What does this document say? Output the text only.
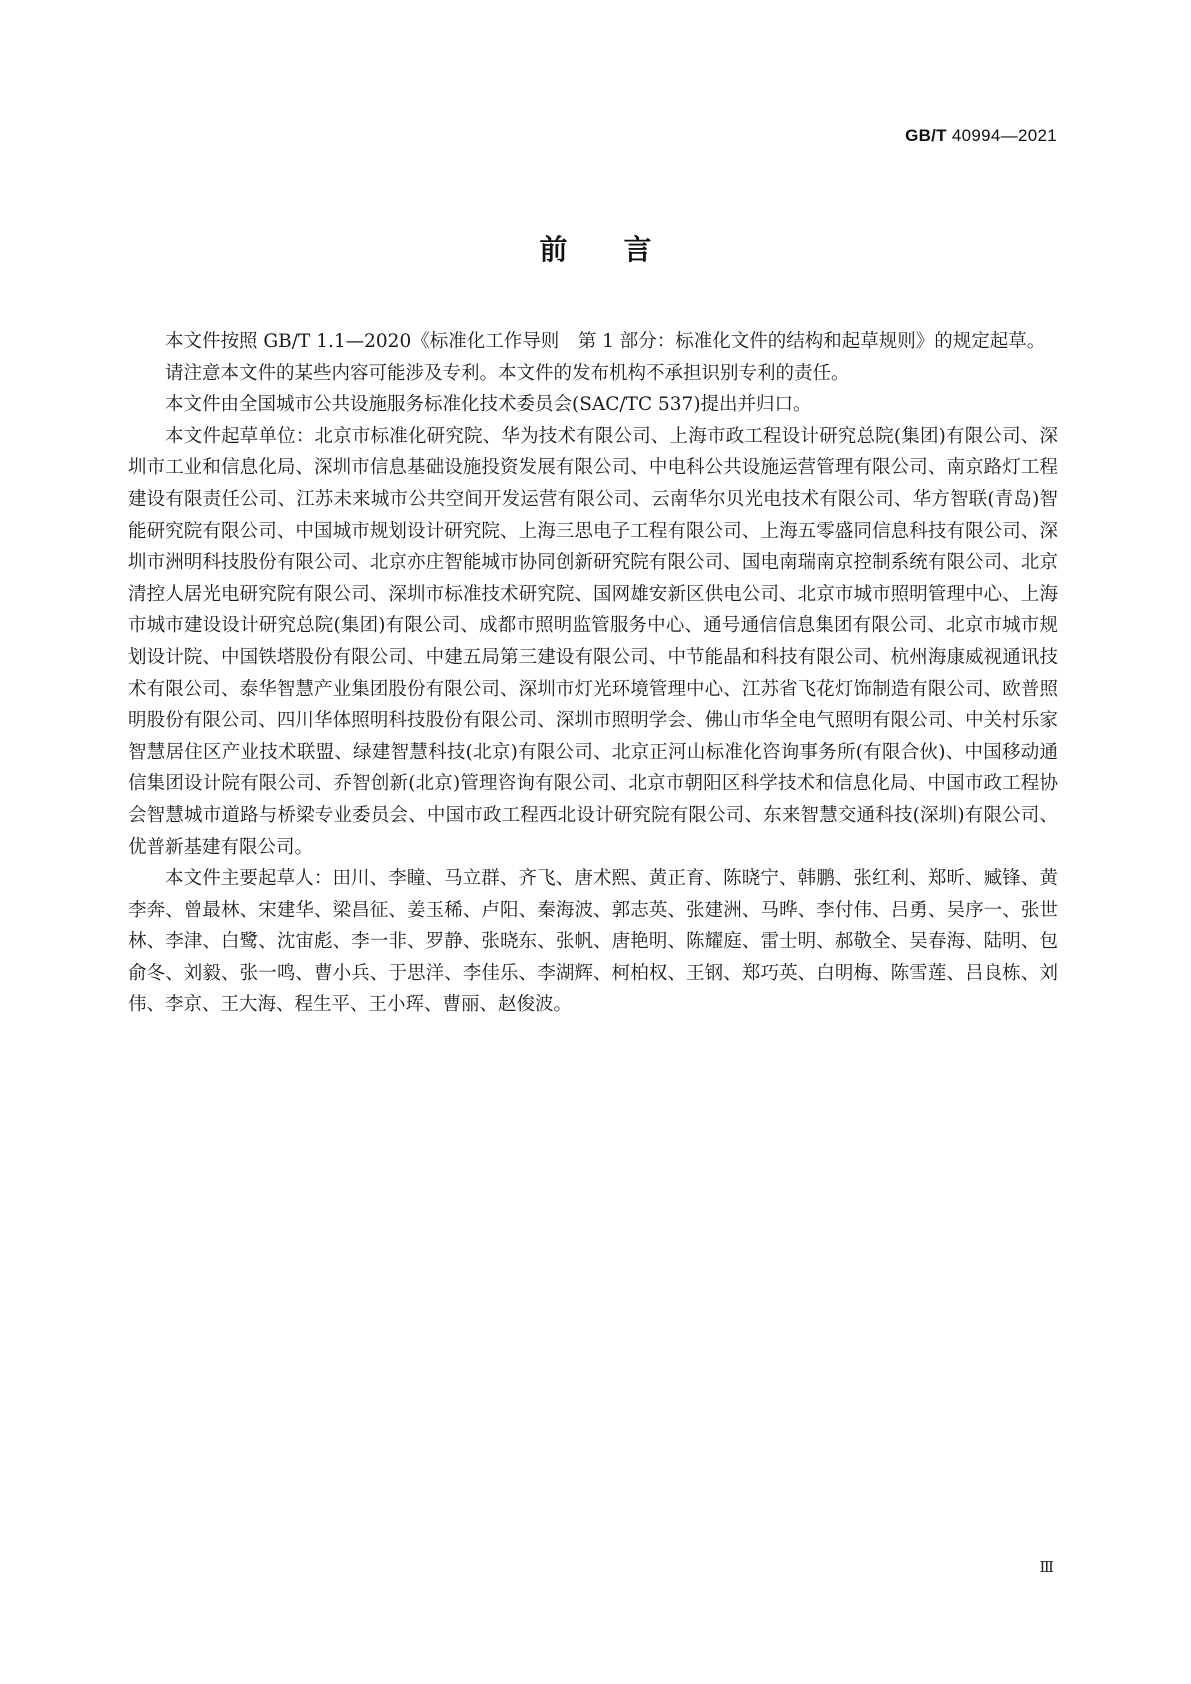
GB/T 40994—2021
前言

本文件按照 GB/T 1.1—2020《标准化工作导则　第 1 部分：标准化文件的结构和起草规则》的规定起草。

请注意本文件的某些内容可能涉及专利。本文件的发布机构不承担识别专利的责任。

本文件由全国城市公共设施服务标准化技术委员会(SAC/TC 537)提出并归口。

本文件起草单位：北京市标准化研究院、华为技术有限公司、上海市政工程设计研究总院(集团)有限公司、深圳市工业和信息化局、深圳市信息基础设施投资发展有限公司、中电科公共设施运营管理有限公司、南京路灯工程建设有限责任公司、江苏未来城市公共空间开发运营有限公司、云南华尔贝光电技术有限公司、华方智联(青岛)智能研究院有限公司、中国城市规划设计研究院、上海三思电子工程有限公司、上海五零盛同信息科技有限公司、深圳市洲明科技股份有限公司、北京亦庄智能城市协同创新研究院有限公司、国电南瑞南京控制系统有限公司、北京清控人居光电研究院有限公司、深圳市标准技术研究院、国网雄安新区供电公司、北京市城市照明管理中心、上海市城市建设设计研究总院(集团)有限公司、成都市照明监管服务中心、通号通信信息集团有限公司、北京市城市规划设计院、中国铁塔股份有限公司、中建五局第三建设有限公司、中节能晶和科技有限公司、杭州海康威视通讯技术有限公司、泰华智慧产业集团股份有限公司、深圳市灯光环境管理中心、江苏省飞花灯饰制造有限公司、欧普照明股份有限公司、四川华体照明科技股份有限公司、深圳市照明学会、佛山市华全电气照明有限公司、中关村乐家智慧居住区产业技术联盟、绿建智慧科技(北京)有限公司、北京正河山标准化咨询事务所(有限合伙)、中国移动通信集团设计院有限公司、乔智创新(北京)管理咨询有限公司、北京市朝阳区科学技术和信息化局、中国市政工程协会智慧城市道路与桥梁专业委员会、中国市政工程西北设计研究院有限公司、东来智慧交通科技(深圳)有限公司、优普新基建有限公司。

本文件主要起草人：田川、李瞳、马立群、齐飞、唐术熙、黄正育、陈晓宁、韩鹏、张红利、郑昕、臧锋、黄李奔、曾最林、宋建华、梁昌征、姜玉稀、卢阳、秦海波、郭志英、张建洲、马晔、李付伟、吕勇、吴序一、张世林、李津、白鹭、沈宙彪、李一非、罗静、张晓东、张帆、唐艳明、陈耀庭、雷士明、郝敬全、吴春海、陆明、包俞冬、刘毅、张一鸣、曹小兵、于思洋、李佳乐、李湖辉、柯柏权、王钢、郑巧英、白明梅、陈雪莲、吕良栋、刘伟、李京、王大海、程生平、王小珲、曹丽、赵俊波。

Ⅲ
